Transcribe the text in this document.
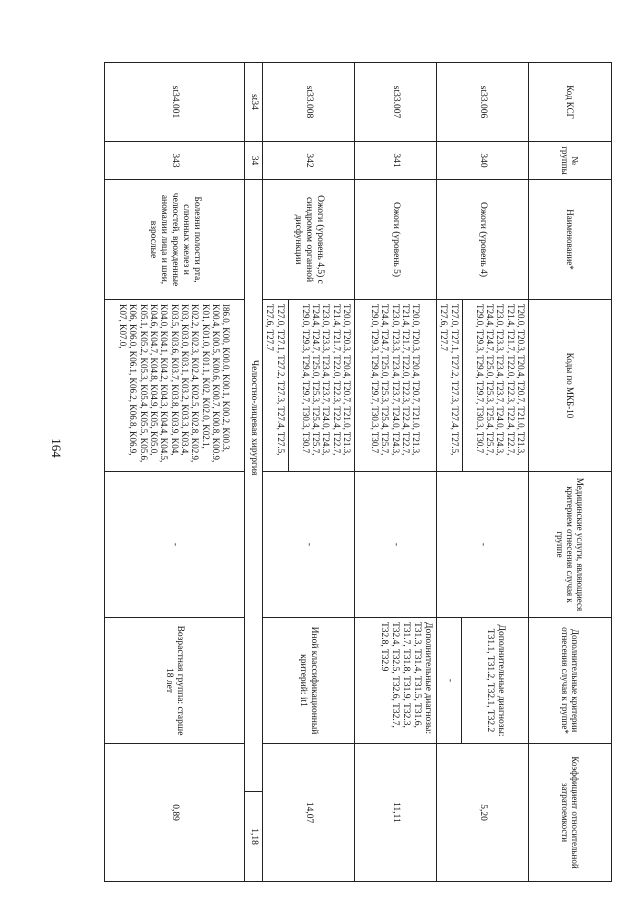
164
Код КСГ
№ группы
Наименование*
Коды по МКБ-10
Медицинские услуги, являющиеся критерием отнесения случая к группе
Дополнительные критерии отнесения случая к группе*
Коэффициент относительной затратоемкости
st33.006
340
Ожоги (уровень 4)
T20.0, T20.3, T20.4, T20.7, T21.0, T21.3, T21.4, T21.7, T22.0, T22.3, T22.4, T22.7, T23.0, T23.3, T23.4, T23.7, T24.0, T24.3, T24.4, T24.7, T25.0, T25.3, T25.4, T25.7, T29.0, T29.3, T29.4, T29.7, T30.3, T30.7
T27.0, T27.1, T27.2, T27.3, T27.4, T27.5, T27.6, T27.7
-
Дополнительные диагнозы: T31.1, T31.2, T32.1, T32.2
-
5,20
st33.007
341
Ожоги (уровень 5)
T20.0, T20.3, T20.4, T20.7, T21.0, T21.3, T21.4, T21.7, T22.0, T22.3, T22.4, T22.7, T23.0, T23.3, T23.4, T23.7, T24.0, T24.3, T24.4, T24.7, T25.0, T25.3, T25.4, T25.7, T29.0, T29.3, T29.4, T29.7, T30.3, T30.7
-
Дополнительные диагнозы: T31.3, T31.4, T31.5, T31.6, T31.7, T31.8, T31.9, T32.3, T32.4, T32.5, T32.6, T32.7, T32.8, T32.9
11,11
st33.008
342
Ожоги (уровень 4,5) с синдромом органной дисфункции
T20.0, T20.3, T20.4, T20.7, T21.0, T21.3, T21.4, T21.7, T22.0, T22.3, T22.4, T22.7, T23.0, T23.3, T23.4, T23.7, T24.0, T24.3, T24.4, T24.7, T25.0, T25.3, T25.4, T25.7, T29.0, T29.3, T29.4, T29.7, T30.3, T30.7
T27.0, T27.1, T27.2, T27.3, T27.4, T27.5, T27.6, T27.7
-
Иной классификационный критерий: it1
14,07
st34
34
Челюстно-лицевая хирургия
1,18
st34.001
343
Болезни полости рта, слюнных желез и челюстей, врожденные аномалии лица и шеи, взрослые
I86.0, K00, K00.0, K00.1, K00.2, K00.3, K00.4, K00.5, K00.6, K00.7, K00.8, K00.9, K01, K01.0, K01.1, K02, K02.0, K02.1, K02.2, K02.3, K02.4, K02.5, K02.8, K02.9, K03, K03.0, K03.1, K03.2, K03.3, K03.4, K03.5, K03.6, K03.7, K03.8, K03.9, K04, K04.0, K04.1, K04.2, K04.3, K04.4, K04.5, K04.6, K04.7, K04.8, K04.9, K05, K05.0, K05.1, K05.2, K05.3, K05.4, K05.5, K05.6, K06, K06.0, K06.1, K06.2, K06.8, K06.9, K07, K07.0,
-
Возрастная группа: старше 18 лет
0,89
